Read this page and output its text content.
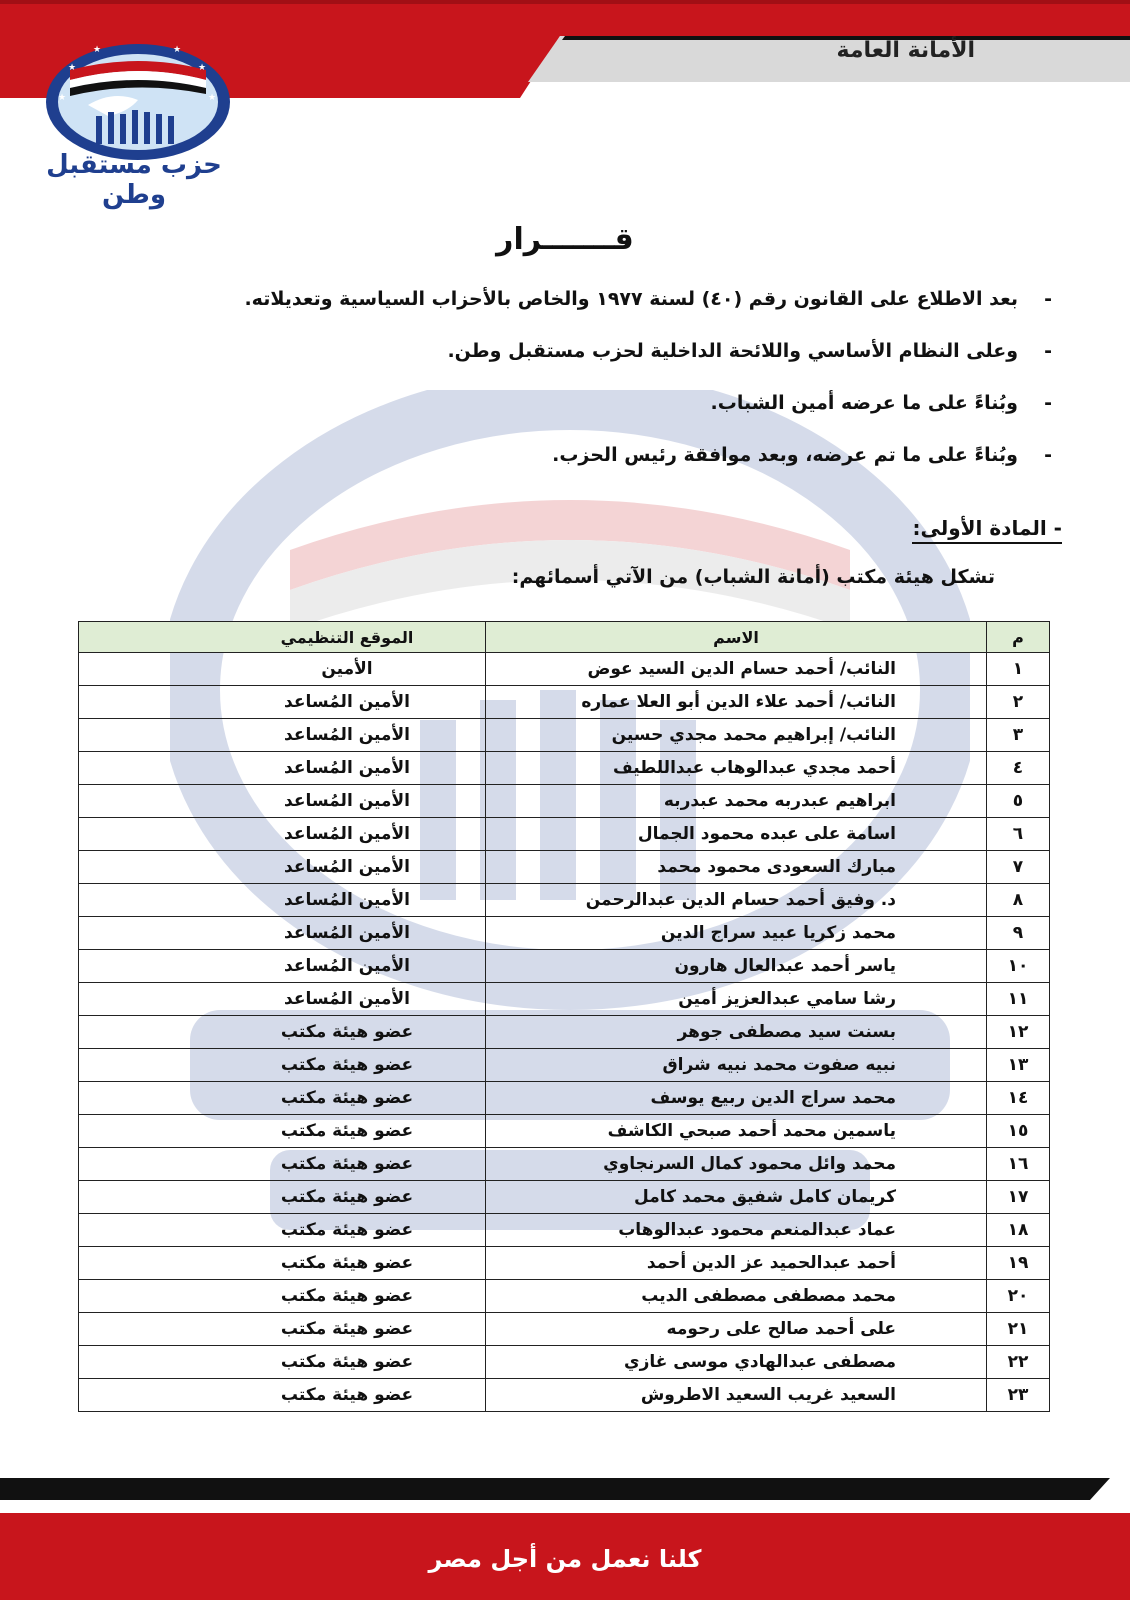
الأمانة العامة
★	★
★	★
★	★
حزب مستقبل وطن
قـــــــرار
-بعد الاطلاع على القانون رقم (٤٠) لسنة ١٩٧٧ والخاص بالأحزاب السياسية وتعديلاته.
-وعلى النظام الأساسي واللائحة الداخلية لحزب مستقبل وطن.
-وبُناءً على ما عرضه أمين الشباب.
-وبُناءً على ما تم عرضه، وبعد موافقة رئيس الحزب.
- المادة الأولى:
تشكل هيئة مكتب (أمانة الشباب) من الآتي أسمائهم:
م	الاسم	الموقع التنظيمي
١	النائب/ أحمد حسام الدين السيد عوض	الأمين
٢	النائب/ أحمد علاء الدين أبو العلا عماره	الأمين المُساعد
٣	النائب/ إبراهيم محمد مجدي حسين	الأمين المُساعد
٤	أحمد مجدي عبدالوهاب عبداللطيف	الأمين المُساعد
٥	ابراهيم عبدربه محمد عبدربه	الأمين المُساعد
٦	اسامة على عبده محمود الجمال	الأمين المُساعد
٧	مبارك السعودى محمود محمد	الأمين المُساعد
٨	د. وفيق أحمد حسام الدين عبدالرحمن	الأمين المُساعد
٩	محمد زكريا عبيد سراج الدين	الأمين المُساعد
١٠	ياسر أحمد عبدالعال هارون	الأمين المُساعد
١١	رشا سامي عبدالعزيز أمين	الأمين المُساعد
١٢	بسنت سيد مصطفى جوهر	عضو هيئة مكتب
١٣	نبيه صفوت محمد نبيه شراق	عضو هيئة مكتب
١٤	محمد سراج الدين ربيع يوسف	عضو هيئة مكتب
١٥	ياسمين محمد أحمد صبحي الكاشف	عضو هيئة مكتب
١٦	محمد وائل محمود كمال السرنجاوي	عضو هيئة مكتب
١٧	كريمان كامل شفيق محمد كامل	عضو هيئة مكتب
١٨	عماد عبدالمنعم محمود عبدالوهاب	عضو هيئة مكتب
١٩	أحمد عبدالحميد عز الدين أحمد	عضو هيئة مكتب
٢٠	محمد مصطفى مصطفى الديب	عضو هيئة مكتب
٢١	على أحمد صالح على رحومه	عضو هيئة مكتب
٢٢	مصطفى عبدالهادي موسى غازي	عضو هيئة مكتب
٢٣	السعيد غريب السعيد الاطروش	عضو هيئة مكتب
كلنا نعمل من أجل مصر
